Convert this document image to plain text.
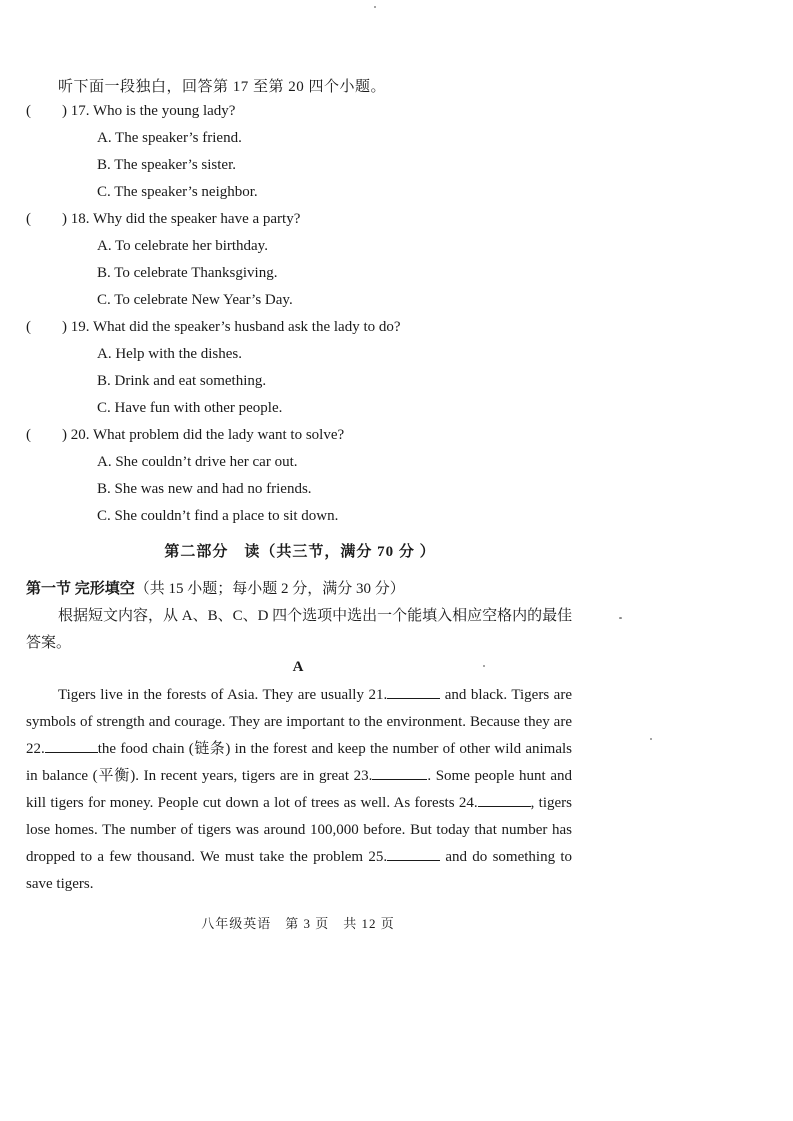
听下面一段独白，回答第 17 至第 20 四个小题。
( ) 17. Who is the young lady?
A. The speaker’s friend.
B. The speaker’s sister.
C. The speaker’s neighbor.
( ) 18. Why did the speaker have a party?
A. To celebrate her birthday.
B. To celebrate Thanksgiving.
C. To celebrate New Year’s Day.
( ) 19. What did the speaker’s husband ask the lady to do?
A. Help with the dishes.
B. Drink and eat something.
C. Have fun with other people.
( ) 20. What problem did the lady want to solve?
A. She couldn’t drive her car out.
B. She was new and had no friends.
C. She couldn’t find a place to sit down.
第二部分　读（共三节，满分 70 分 ）
第一节 完形填空（共 15 小题；每小题 2 分，满分 30 分）
根据短文内容，从 A、B、C、D 四个选项中选出一个能填入相应空格内的最佳答案。
A

Tigers live in the forests of Asia. They are usually 21.	and black. Tigers are symbols of strength and courage. They are important to the environment. Because they are 22.	the food chain (链条) in the forest and keep the number of other wild animals in balance (平衡). In recent years, tigers are in great 23.	. Some people hunt and kill tigers for money. People cut down a lot of trees as well. As forests 24.	, tigers lose homes. The number of tigers was around 100,000 before. But today that number has dropped to a few thousand. We must take the problem 25.	and do something to save tigers.

八年级英语　第 3 页　共 12 页
